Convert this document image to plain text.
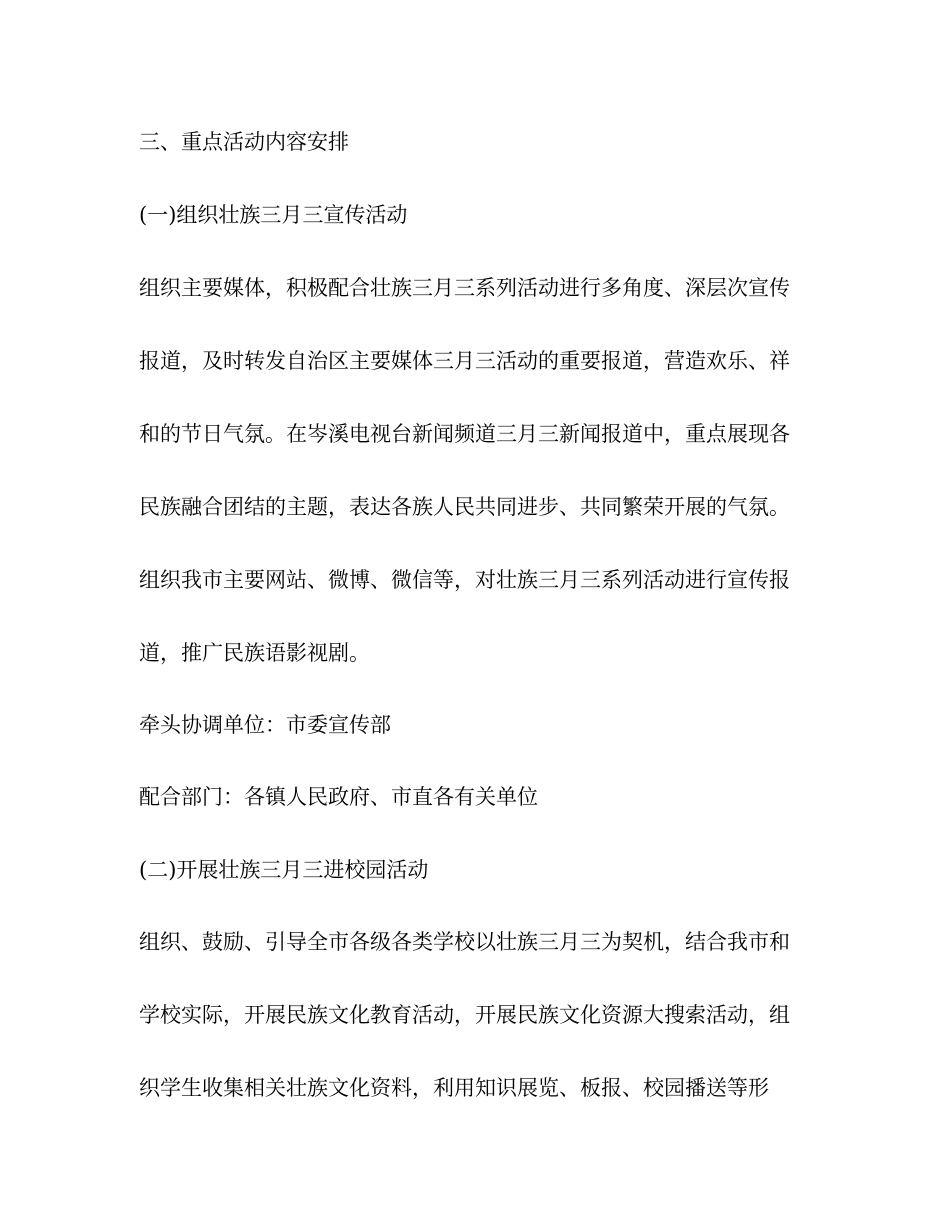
三、重点活动内容安排
(一)组织壮族三月三宣传活动
组织主要媒体，积极配合壮族三月三系列活动进行多角度、深层次宣传
报道，及时转发自治区主要媒体三月三活动的重要报道，营造欢乐、祥
和的节日气氛。在岑溪电视台新闻频道三月三新闻报道中，重点展现各
民族融合团结的主题，表达各族人民共同进步、共同繁荣开展的气氛。
组织我市主要网站、微博、微信等，对壮族三月三系列活动进行宣传报
道，推广民族语影视剧。
牵头协调单位：市委宣传部
配合部门：各镇人民政府、市直各有关单位
(二)开展壮族三月三进校园活动
组织、鼓励、引导全市各级各类学校以壮族三月三为契机，结合我市和
学校实际，开展民族文化教育活动，开展民族文化资源大搜索活动，组
织学生收集相关壮族文化资料，利用知识展览、板报、校园播送等形
